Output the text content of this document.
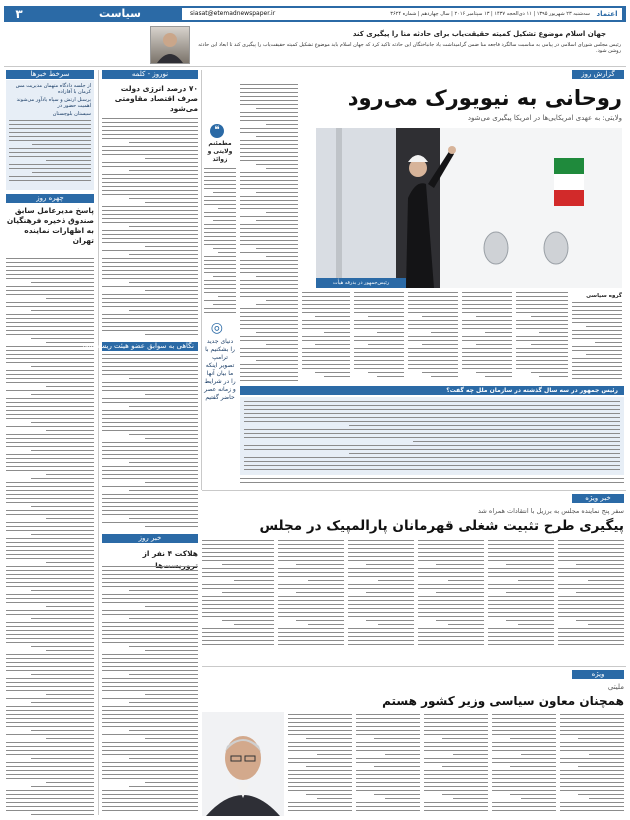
۳	سیاست	siasat@etemadnewspaper.ir	سه‌شنبه ۲۳ شهریور ۱۳۹۵ | ۱۱ ذی‌الحجه ۱۴۳۷ | ۱۳ سپتامبر ۲۰۱۶ | سال چهاردهم | شماره ۳۶۲۴ اعتماد
جهان اسلام موضوع تشکیل کمیته حقیقت‌یاب برای حادثه منا را پیگیری کند
رئیس مجلس شورای اسلامی در پیامی به مناسبت سالگرد فاجعه منا ضمن گرامیداشت یاد جانباختگان این حادثه تاکید کرد که جهان اسلام باید موضوع تشکیل کمیته حقیقت‌یاب را پیگیری کند تا ابعاد این حادثه روشن شود.
سرخط خبرها
از جلسه دادگاه متهمان مدیریت مس کرمان با آقازاده
پرسنل ارتش و سپاه یادآور می‌شوند اهمیت حضور در
سیستان بلوچستان
چهره روز
پاسخ مدیرعامل سابق صندوق ذخیره فرهنگیان به اظهارات نماینده تهران
نوروز - کلمه
۷۰ درصد انرژی دولت صرف اقتصاد مقاومتی می‌شود
نگاهی به سوابق عضو هیئت ریسه سفر
خبر روز
هلاکت ۴ نفر از
❝
مطمئنم ولایتی و زوائد
◎
دنیای جدید را بشکنیم با ترامپ تصویر اینکه ما بیان آنها را در شرایط و زمانه عصر حاضر گفتیم
گزارش روز
روحانی به نیویورک می‌رود
ولایتی: به عهدی امریکایی‌ها در امریکا پیگیری می‌شود
رئیس‌جمهور در بدرقه هیأت
گروه سیاسی
رئیس جمهور در سه سال گذشته در سازمان ملل چه گفت؟
خبر ویژه
سفر پنج نماینده مجلس به برزیل با انتقادات همراه شد
پیگیری طرح تثبیت شغلی قهرمانان پارالمپیک در مجلس
ویژه
ملیتی
همچنان معاون سیاسی وزیر کشور هستم
